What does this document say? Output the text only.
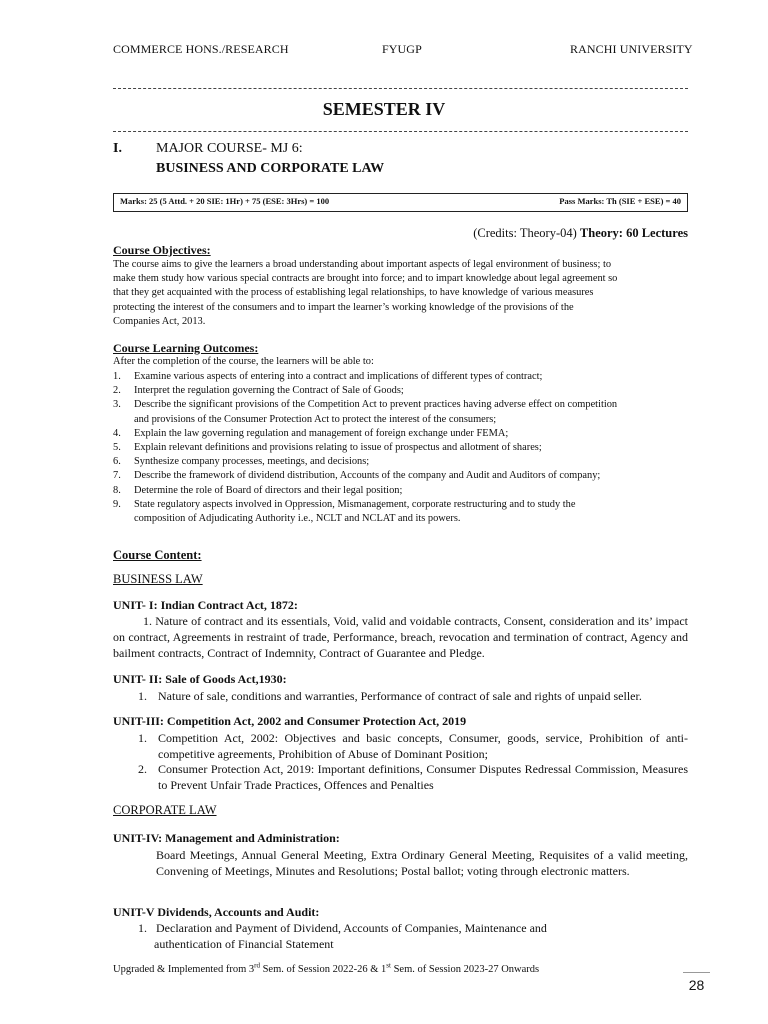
COMMERCE HONS./RESEARCH	FYUGP	RANCHI UNIVERSITY
SEMESTER IV
I. MAJOR COURSE- MJ 6:
BUSINESS AND CORPORATE LAW
Marks: 25 (5 Attd. + 20 SIE: 1Hr) + 75 (ESE: 3Hrs) = 100	Pass Marks: Th (SIE + ESE) = 40
(Credits: Theory-04) Theory: 60 Lectures
Course Objectives:
The course aims to give the learners a broad understanding about important aspects of legal environment of business; to
make them study how various special contracts are brought into force; and to impart knowledge about legal agreement so
that they get acquainted with the process of establishing legal relationships, to have knowledge of various measures
protecting the interest of the consumers and to impart the learner’s working knowledge of the provisions of the
Companies Act, 2013.
Course Learning Outcomes:
After the completion of the course, the learners will be able to:
1. Examine various aspects of entering into a contract and implications of different types of contract;
2. Interpret the regulation governing the Contract of Sale of Goods;
3. Describe the significant provisions of the Competition Act to prevent practices having adverse effect on competition
and provisions of the Consumer Protection Act to protect the interest of the consumers;
4. Explain the law governing regulation and management of foreign exchange under FEMA;
5. Explain relevant definitions and provisions relating to issue of prospectus and allotment of shares;
6. Synthesize company processes, meetings, and decisions;
7. Describe the framework of dividend distribution, Accounts of the company and Audit and Auditors of company;
8. Determine the role of Board of directors and their legal position;
9. State regulatory aspects involved in Oppression, Mismanagement, corporate restructuring and to study the
composition of Adjudicating Authority i.e., NCLT and NCLAT and its powers.
Course Content:
BUSINESS LAW
UNIT- I: Indian Contract Act, 1872:
1. Nature of contract and its essentials, Void, valid and voidable contracts, Consent, consideration and its’ impact on contract, Agreements in restraint of trade, Performance, breach, revocation and termination of contract, Agency and bailment contracts, Contract of Indemnity, Contract of Guarantee and Pledge.
UNIT- II: Sale of Goods Act,1930:
1. Nature of sale, conditions and warranties, Performance of contract of sale and rights of unpaid seller.
UNIT-III: Competition Act, 2002 and Consumer Protection Act, 2019
1. Competition Act, 2002: Objectives and basic concepts, Consumer, goods, service, Prohibition of anti-competitive agreements, Prohibition of Abuse of Dominant Position;
2. Consumer Protection Act, 2019: Important definitions, Consumer Disputes Redressal Commission, Measures to Prevent Unfair Trade Practices, Offences and Penalties
CORPORATE LAW
UNIT-IV: Management and Administration:
Board Meetings, Annual General Meeting, Extra Ordinary General Meeting, Requisites of a valid meeting, Convening of Meetings, Minutes and Resolutions; Postal ballot; voting through electronic matters.
UNIT-V Dividends, Accounts and Audit:
1. Declaration and Payment of Dividend, Accounts of Companies, Maintenance and
authentication of Financial Statement
Upgraded & Implemented from 3rd Sem. of Session 2022-26 & 1st Sem. of Session 2023-27 Onwards
28
